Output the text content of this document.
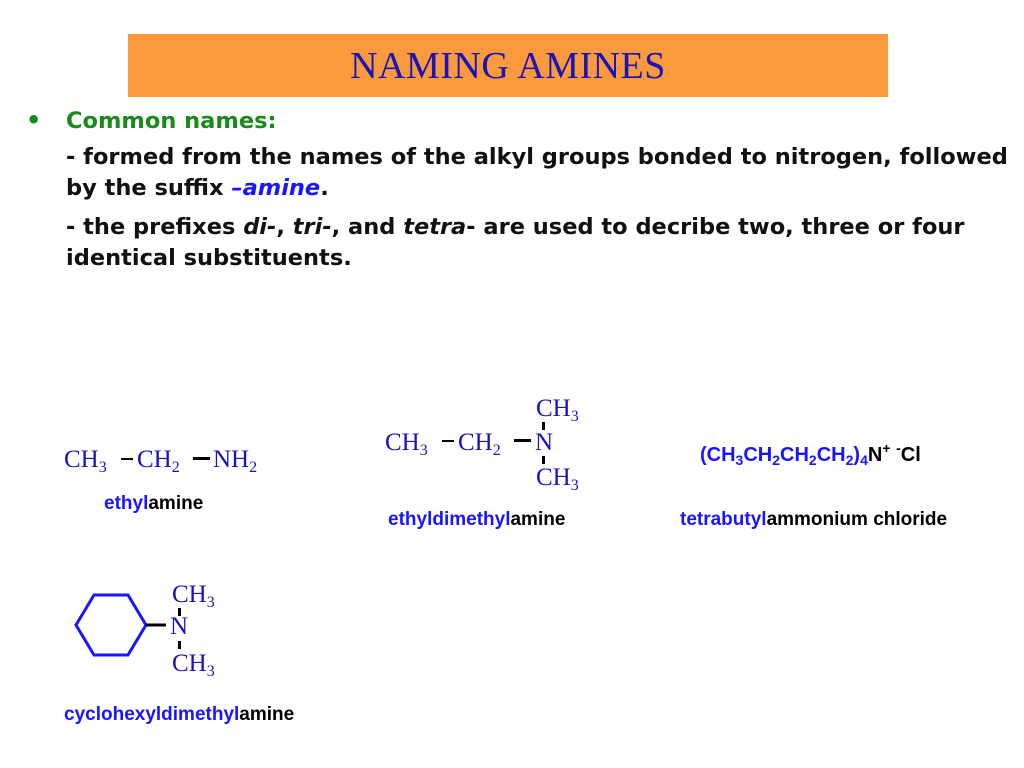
NAMING AMINES
•	Common names:
- formed from the names of the alkyl groups bonded to nitrogen, followed by the suffix –amine.
- the prefixes di-, tri-, and tetra- are used to decribe two, three or four identical substituents.
$CH_3$ $CH_2$ $NH_2$
ethylamine
$CH_3$
$CH_3$ $CH_2$ N
$CH_3$
ethyldimethylamine
$(CH_3CH_2CH_2CH_2)_4N^+$ -Cl
tetrabutylammonium chloride
$CH_3$
N
$CH_3$
cyclohexyldimethylamine
